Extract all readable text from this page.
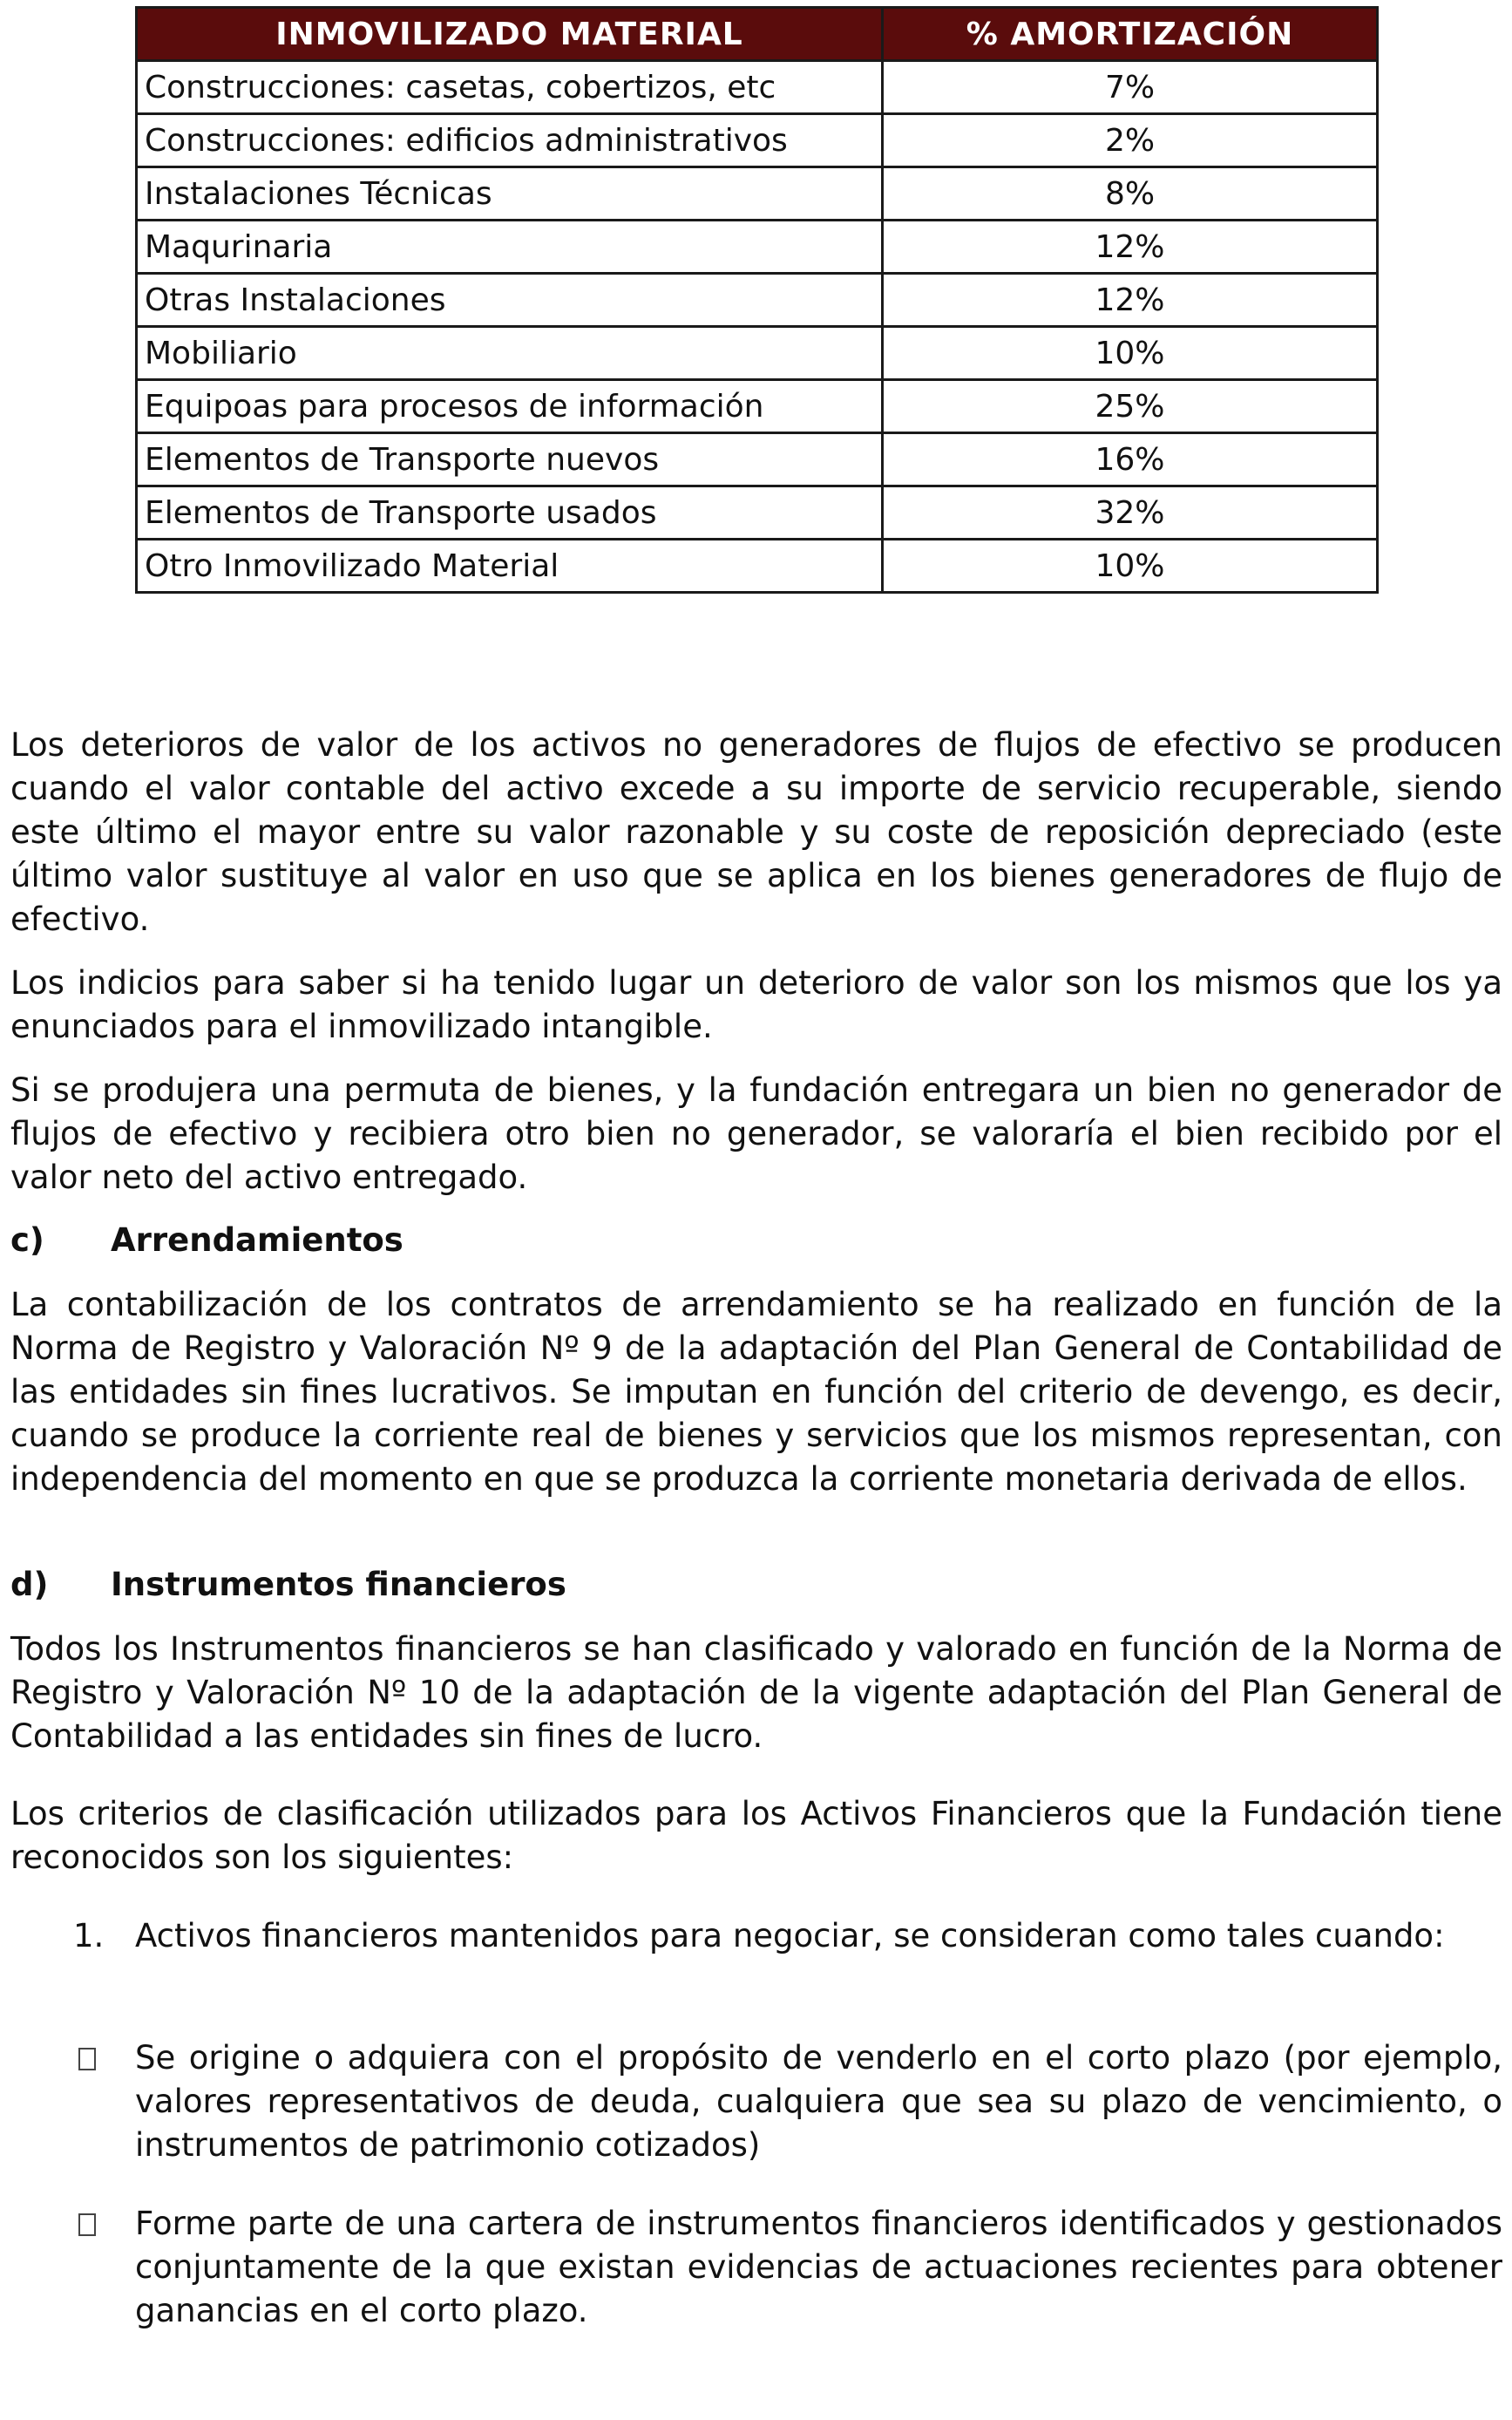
INMOVILIZADO MATERIAL	% AMORTIZACIÓN
Construcciones: casetas, cobertizos, etc	7%
Construcciones: edificios administrativos	2%
Instalaciones Técnicas	8%
Maqurinaria	12%
Otras Instalaciones	12%
Mobiliario	10%
Equipoas para procesos de información	25%
Elementos de Transporte nuevos	16%
Elementos de Transporte usados	32%
Otro Inmovilizado Material	10%

Los deterioros de valor de los activos no generadores de flujos de efectivo se producen cuando el valor contable del activo excede a su importe de servicio recuperable, siendo este último el mayor entre su valor razonable y su coste de reposición depreciado (este último valor sustituye al valor en uso que se aplica en los bienes generadores de flujo de efectivo.

Los indicios para saber si ha tenido lugar un deterioro de valor son los mismos que los ya enunciados para el inmovilizado intangible.

Si se produjera una permuta de bienes, y la fundación entregara un bien no generador de flujos de efectivo y recibiera otro bien no generador, se valoraría el bien recibido por el valor neto del activo entregado.

c) Arrendamientos

La contabilización de los contratos de arrendamiento se ha realizado en función de la Norma de Registro y Valoración Nº 9 de la adaptación del Plan General de Contabilidad de las entidades sin fines lucrativos. Se imputan en función del criterio de devengo, es decir, cuando se produce la corriente real de bienes y servicios que los mismos representan, con independencia del momento en que se produzca la corriente monetaria derivada de ellos.

d) Instrumentos financieros

Todos los Instrumentos financieros se han clasificado y valorado en función de la Norma de Registro y Valoración Nº 10 de la adaptación de la vigente adaptación del Plan General de Contabilidad a las entidades sin fines de lucro.

Los criterios de clasificación utilizados para los Activos Financieros que la Fundación tiene reconocidos son los siguientes:

1. Activos financieros mantenidos para negociar, se consideran como tales cuando:
Se origine o adquiera con el propósito de venderlo en el corto plazo (por ejemplo, valores representativos de deuda, cualquiera que sea su plazo de vencimiento, o instrumentos de patrimonio cotizados)
Forme parte de una cartera de instrumentos financieros identificados y gestionados conjuntamente de la que existan evidencias de actuaciones recientes para obtener ganancias en el corto plazo.
